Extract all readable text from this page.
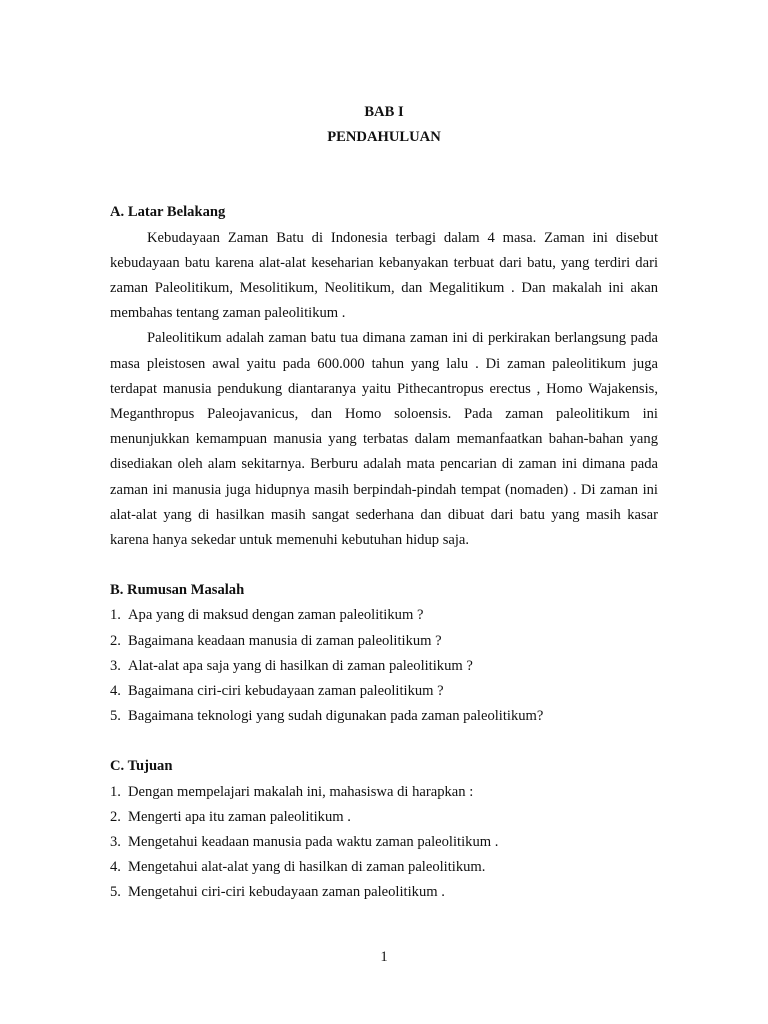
BAB I
PENDAHULUAN
A. Latar Belakang

Kebudayaan Zaman Batu di Indonesia terbagi dalam 4 masa. Zaman ini disebut kebudayaan batu karena alat-alat keseharian kebanyakan terbuat dari batu, yang terdiri dari zaman Paleolitikum, Mesolitikum, Neolitikum, dan Megalitikum . Dan makalah ini akan membahas tentang zaman paleolitikum .

Paleolitikum adalah zaman batu tua dimana zaman ini di perkirakan berlangsung pada masa pleistosen awal yaitu pada 600.000 tahun yang lalu . Di zaman paleolitikum juga terdapat manusia pendukung diantaranya yaitu Pithecantropus erectus , Homo Wajakensis, Meganthropus Paleojavanicus, dan Homo soloensis. Pada zaman paleolitikum ini menunjukkan kemampuan manusia yang terbatas dalam memanfaatkan bahan-bahan yang disediakan oleh alam sekitarnya. Berburu adalah mata pencarian di zaman ini dimana pada zaman ini manusia juga hidupnya masih berpindah-pindah tempat (nomaden) . Di zaman ini alat-alat yang di hasilkan masih sangat sederhana dan dibuat dari batu yang masih kasar karena hanya sekedar untuk memenuhi kebutuhan hidup saja.

B. Rumusan Masalah
1. Apa yang di maksud dengan zaman paleolitikum ?
2. Bagaimana keadaan manusia di zaman paleolitikum ?
3. Alat-alat apa saja yang di hasilkan di zaman paleolitikum ?
4. Bagaimana ciri-ciri kebudayaan zaman paleolitikum ?
5. Bagaimana teknologi yang sudah digunakan pada zaman paleolitikum?
C. Tujuan
1. Dengan mempelajari makalah ini, mahasiswa di harapkan :
2. Mengerti apa itu zaman paleolitikum .
3. Mengetahui keadaan manusia pada waktu zaman paleolitikum .
4. Mengetahui alat-alat yang di hasilkan di zaman paleolitikum.
5. Mengetahui ciri-ciri kebudayaan zaman paleolitikum .
1
